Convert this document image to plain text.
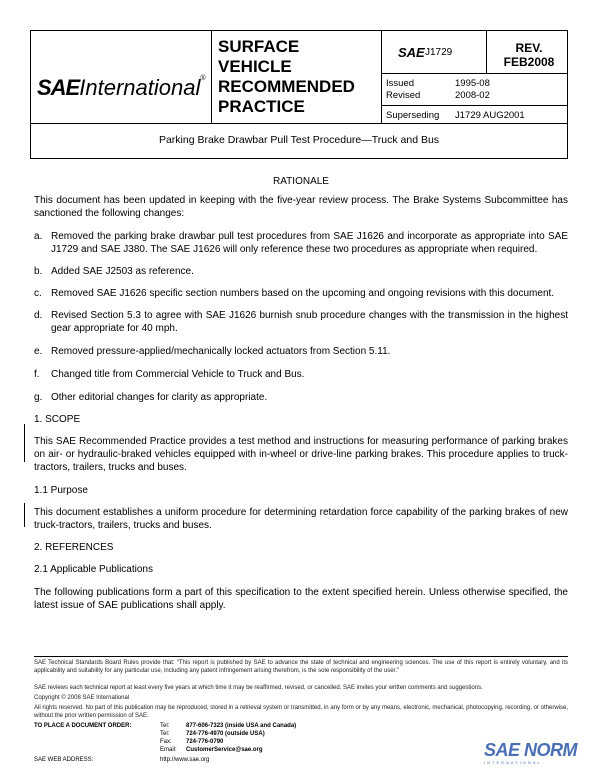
SAEInternational®
SURFACE
VEHICLE
RECOMMENDED
PRACTICE
SAE J1729	REV.
FEB2008
Issued	1995-08
Revised	2008-02
Superseding J1729 AUG2001
Parking Brake Drawbar Pull Test Procedure—Truck and Bus
RATIONALE
This document has been updated in keeping with the five-year review process. The Brake Systems Subcommittee has sanctioned the following changes:
a. Removed the parking brake drawbar pull test procedures from SAE J1626 and incorporate as appropriate into SAE J1729 and SAE J380. The SAE J1626 will only reference these two procedures as appropriate when required.
b. Added SAE J2503 as reference.
c. Removed SAE J1626 specific section numbers based on the upcoming and ongoing revisions with this document.
d. Revised Section 5.3 to agree with SAE J1626 burnish snub procedure changes with the transmission in the highest gear appropriate for 40 mph.
e. Removed pressure-applied/mechanically locked actuators from Section 5.11.
f.	Changed title from Commercial Vehicle to Truck and Bus.
g. Other editorial changes for clarity as appropriate.
1. SCOPE
This SAE Recommended Practice provides a test method and instructions for measuring performance of parking brakes on air- or hydraulic-braked vehicles equipped with in-wheel or drive-line parking brakes. This procedure applies to truck-tractors, trailers, trucks and buses.
1.1 Purpose
This document establishes a uniform procedure for determining retardation force capability of the parking brakes of new truck-tractors, trailers, trucks and buses.
2. REFERENCES
2.1 Applicable Publications
The following publications form a part of this specification to the extent specified herein. Unless otherwise specified, the latest issue of SAE publications shall apply.
SAE Technical Standards Board Rules provide that: “This report is published by SAE to advance the state of technical and engineering sciences. The use of this report is entirely voluntary, and its applicability and suitability for any particular use, including any patent infringement arising therefrom, is the sole responsibility of the user.”
SAE reviews each technical report at least every five years at which time it may be reaffirmed, revised, or cancelled. SAE invites your written comments and suggestions.
Copyright © 2008 SAE International
All rights reserved. No part of this publication may be reproduced, stored in a retrieval system or transmitted, in any form or by any means, electronic, mechanical, photocopying, recording, or otherwise, without the prior written permission of SAE.
TO PLACE A DOCUMENT ORDER:	Tel:	877-606-7323 (inside USA and Canada)
Tel:	724-776-4970 (outside USA)
Fax: 724-776-0790
Email: CustomerService@sae.org
SAE WEB ADDRESS:	http://www.sae.org	SAE NORM
INTERNATIONAL
